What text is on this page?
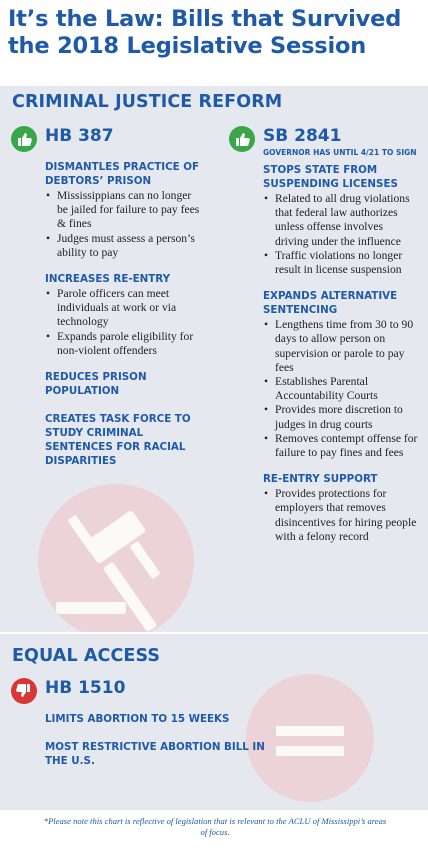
It’s the Law: Bills that Survived the 2018 Legislative Session
CRIMINAL JUSTICE REFORM
EQUAL ACCESS
HB 387
DISMANTLES PRACTICE OF DEBTORS’ PRISON
• Mississippians can no longer be jailed for failure to pay fees & fines
• Judges must assess a person’s ability to pay
INCREASES RE-ENTRY
• Parole officers can meet individuals at work or via technology
• Expands parole eligibility for non-violent offenders
REDUCES PRISON POPULATION
CREATES TASK FORCE TO STUDY CRIMINAL SENTENCES FOR RACIAL DISPARITIES
SB 2841
GOVERNOR HAS UNTIL 4/21 TO SIGN
STOPS STATE FROM SUSPENDING LICENSES
• Related to all drug violations that federal law authorizes unless offense involves driving under the influence
• Traffic violations no longer result in license suspension
EXPANDS ALTERNATIVE SENTENCING
• Lengthens time from 30 to 90 days to allow person on supervision or parole to pay fees
• Establishes Parental Accountability Courts
• Provides more discretion to judges in drug courts
• Removes contempt offense for failure to pay fines and fees
RE-ENTRY SUPPORT
• Provides protections for employers that removes disincentives for hiring people with a felony record
HB 1510
LIMITS ABORTION TO 15 WEEKS
MOST RESTRICTIVE ABORTION BILL IN THE U.S.
*Please note this chart is reflective of legislation that is relevant to the ACLU of Mississippi’s areas of focus.
